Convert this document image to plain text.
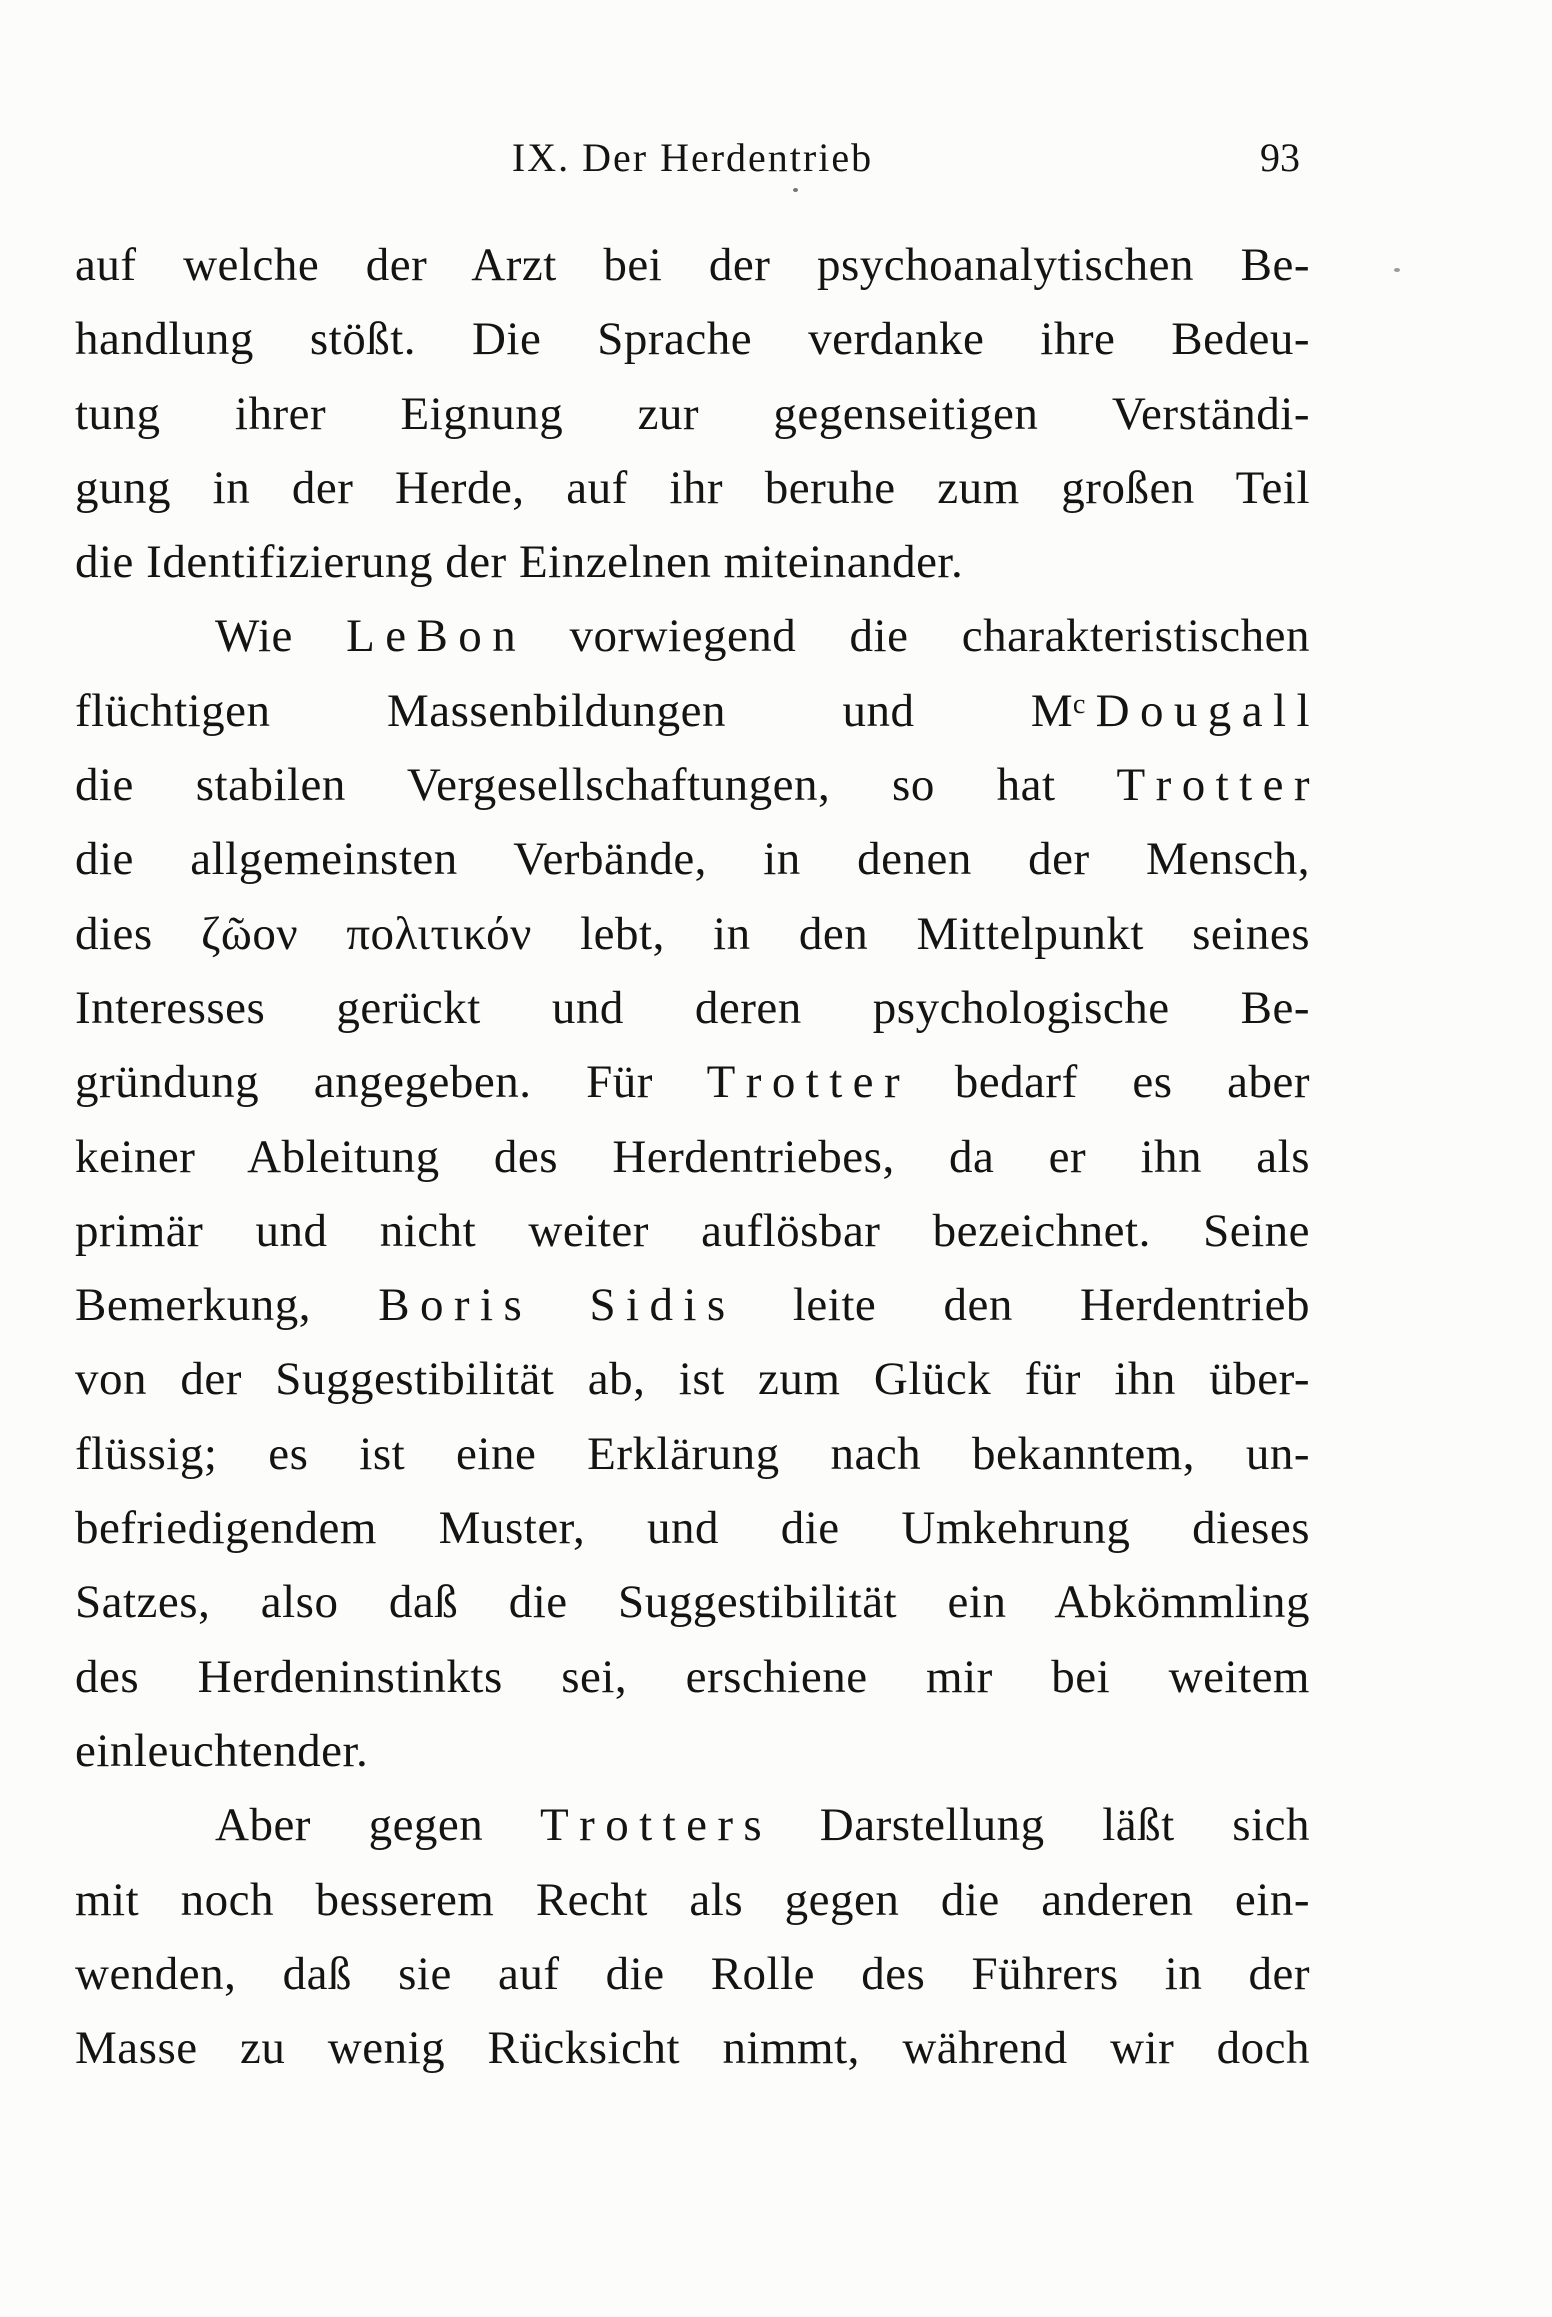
IX. Der Herdentrieb	93
auf welche der Arzt bei der psychoanalytischen Be-
handlung stößt. Die Sprache verdanke ihre Bedeu-
tung ihrer Eignung zur gegenseitigen Verständi-
gung in der Herde, auf ihr beruhe zum großen Teil
die Identifizierung der Einzelnen miteinander.
Wie L e B o n vorwiegend die charakteristischen
flüchtigen Massenbildungen und Mᶜ D o u g a l l
die stabilen Vergesellschaftungen, so hat T r o t t e r
die allgemeinsten Verbände, in denen der Mensch,
dies ζῶον πολιτικόν lebt, in den Mittelpunkt seines
Interesses gerückt und deren psychologische Be-
gründung angegeben. Für T r o t t e r bedarf es aber
keiner Ableitung des Herdentriebes, da er ihn als
primär und nicht weiter auflösbar bezeichnet. Seine
Bemerkung, B o r i s S i d i s leite den Herdentrieb
von der Suggestibilität ab, ist zum Glück für ihn über-
flüssig; es ist eine Erklärung nach bekanntem, un-
befriedigendem Muster, und die Umkehrung dieses
Satzes, also daß die Suggestibilität ein Abkömmling
des Herdeninstinkts sei, erschiene mir bei weitem
einleuchtender.
Aber gegen T r o t t e r s Darstellung läßt sich
mit noch besserem Recht als gegen die anderen ein-
wenden, daß sie auf die Rolle des Führers in der
Masse zu wenig Rücksicht nimmt, während wir doch
